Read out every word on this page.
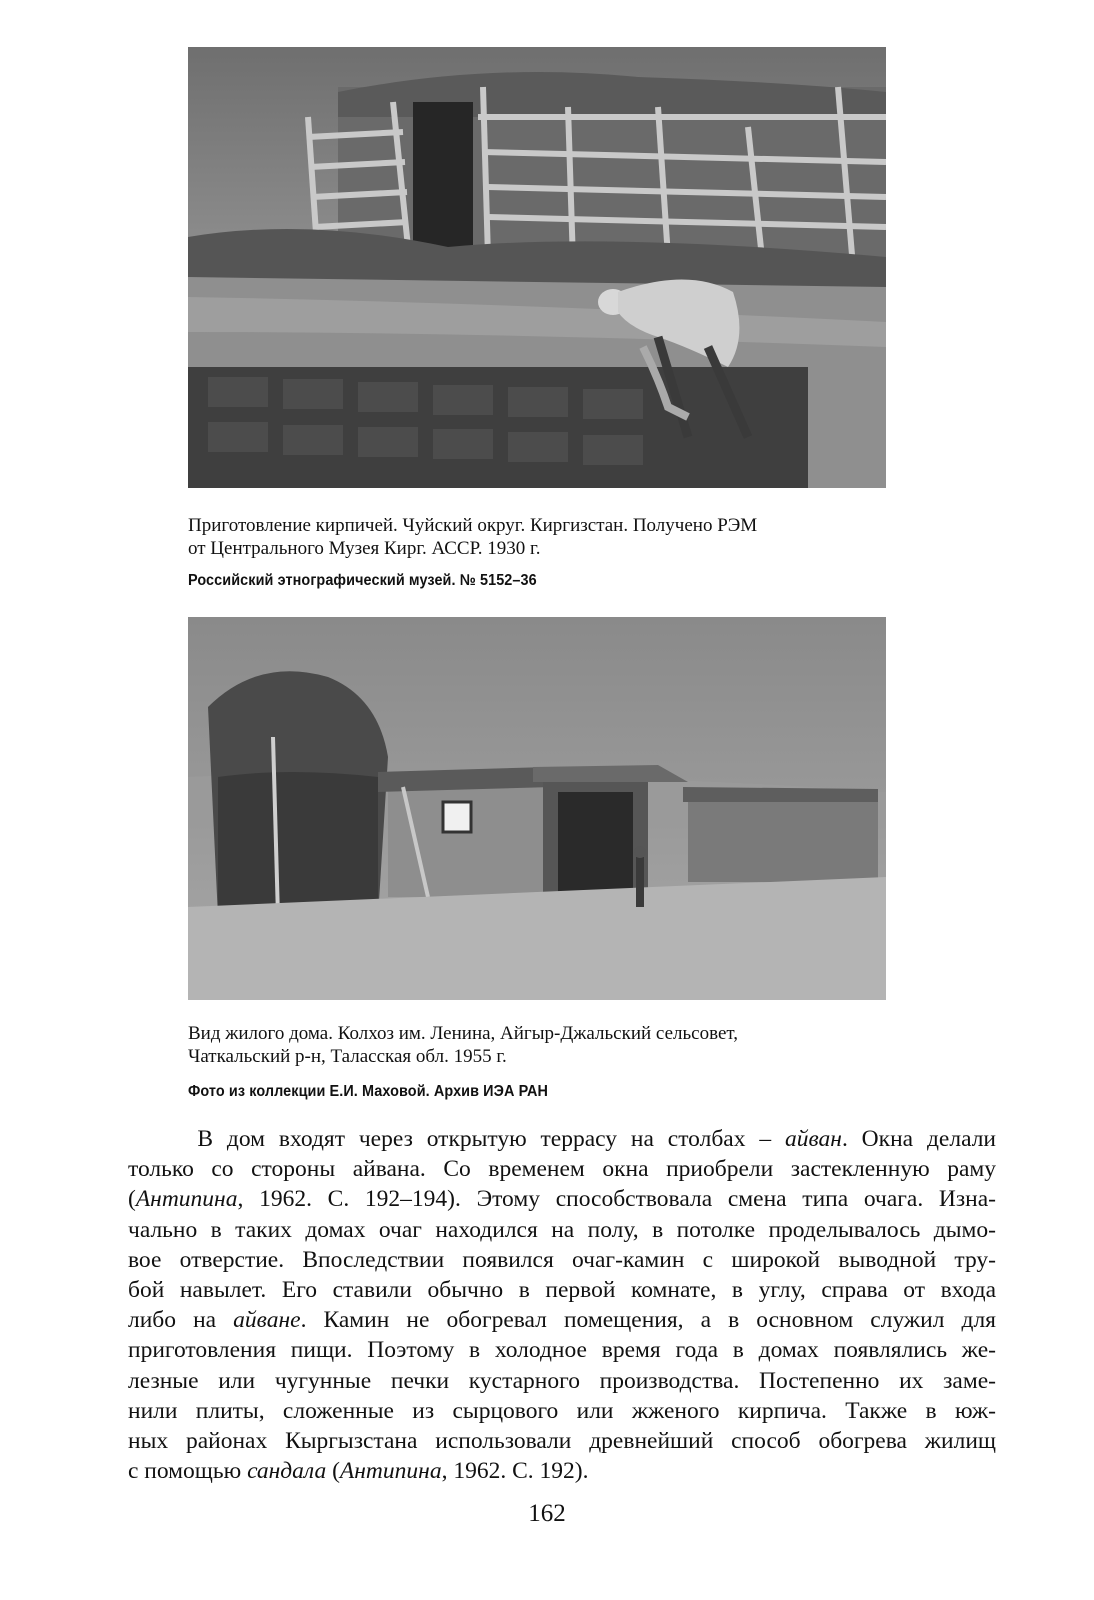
Приготовление кирпичей. Чуйский округ. Киргизстан. Получено РЭМ
от Центрального Музея Кирг. АССР. 1930 г.

Российский этнографический музей. № 5152–36

Вид жилого дома. Колхоз им. Ленина, Айгыр-Джальский сельсовет,
Чаткальский р-н, Таласская обл. 1955 г.

Фото из коллекции Е.И. Маховой. Архив ИЭА РАН

В дом входят через открытую террасу на столбах – айван. Окна делали
только со стороны айвана. Со временем окна приобрели застекленную раму
(Антипина, 1962. С. 192–194). Этому способствовала смена типа очага. Изна-
чально в таких домах очаг находился на полу, в потолке проделывалось дымо-
вое отверстие. Впоследствии появился очаг-камин с широкой выводной тру-
бой навылет. Его ставили обычно в первой комнате, в углу, справа от входа
либо на айване. Камин не обогревал помещения, а в основном служил для
приготовления пищи. Поэтому в холодное время года в домах появлялись же-
лезные или чугунные печки кустарного производства. Постепенно их заме-
нили плиты, сложенные из сырцового или жженого кирпича. Также в юж-
ных районах Кыргызстана использовали древнейший способ обогрева жилищ
с помощью сандала (Антипина, 1962. С. 192).

162
